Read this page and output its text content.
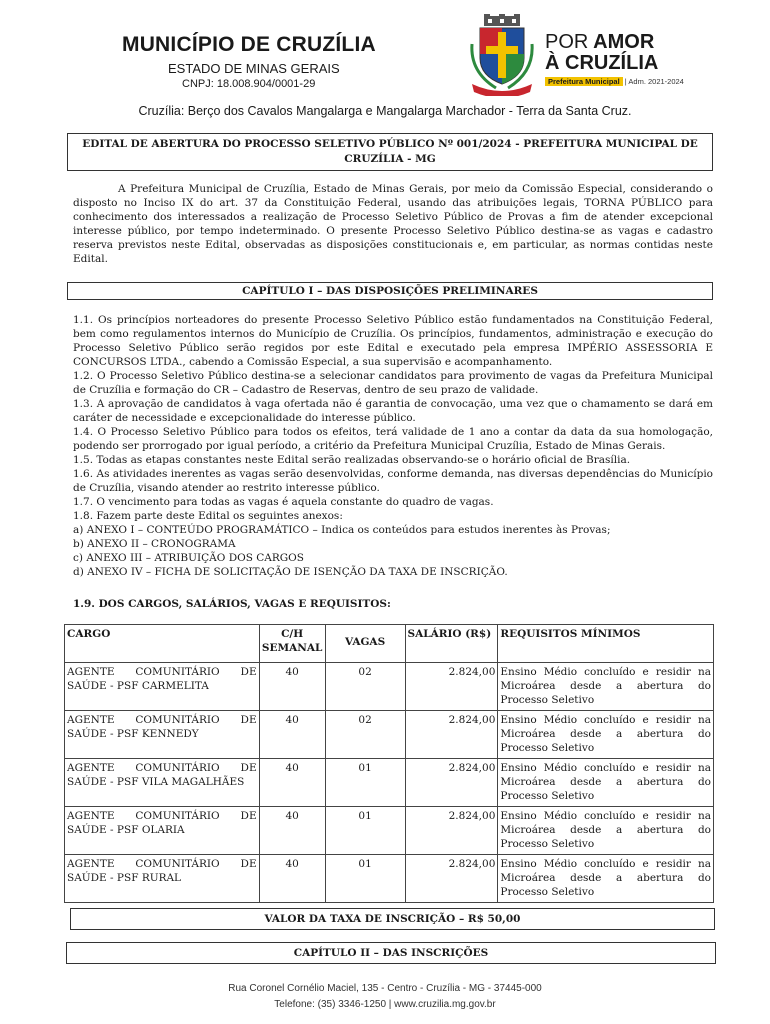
MUNICÍPIO DE CRUZÍLIA
ESTADO DE MINAS GERAIS
CNPJ: 18.008.904/0001-29
POR AMOR
À CRUZÍLIA
Prefeitura Municipal | Adm. 2021-2024
Cruzília: Berço dos Cavalos Mangalarga e Mangalarga Marchador - Terra da Santa Cruz.
EDITAL DE ABERTURA DO PROCESSO SELETIVO PÚBLICO Nº 001/2024 - PREFEITURA MUNICIPAL DE CRUZÍLIA - MG

A Prefeitura Municipal de Cruzília, Estado de Minas Gerais, por meio da Comissão Especial, considerando o disposto no Inciso IX do art. 37 da Constituição Federal, usando das atribuições legais, TORNA PÚBLICO para conhecimento dos interessados a realização de Processo Seletivo Público de Provas a fim de atender excepcional interesse público, por tempo indeterminado. O presente Processo Seletivo Público destina-se as vagas e cadastro reserva previstos neste Edital, observadas as disposições constitucionais e, em particular, as normas contidas neste Edital.

CAPÍTULO I – DAS DISPOSIÇÕES PRELIMINARES

1.1. Os princípios norteadores do presente Processo Seletivo Público estão fundamentados na Constituição Federal, bem como regulamentos internos do Município de Cruzília. Os princípios, fundamentos, administração e execução do Processo Seletivo Público serão regidos por este Edital e executado pela empresa IMPÉRIO ASSESSORIA E CONCURSOS LTDA., cabendo a Comissão Especial, a sua supervisão e acompanhamento.

1.2. O Processo Seletivo Público destina-se a selecionar candidatos para provimento de vagas da Prefeitura Municipal de Cruzília e formação do CR – Cadastro de Reservas, dentro de seu prazo de validade.

1.3. A aprovação de candidatos à vaga ofertada não é garantia de convocação, uma vez que o chamamento se dará em caráter de necessidade e excepcionalidade do interesse público.

1.4. O Processo Seletivo Público para todos os efeitos, terá validade de 1 ano a contar da data da sua homologação, podendo ser prorrogado por igual período, a critério da Prefeitura Municipal Cruzília, Estado de Minas Gerais.

1.5. Todas as etapas constantes neste Edital serão realizadas observando-se o horário oficial de Brasília.

1.6. As atividades inerentes as vagas serão desenvolvidas, conforme demanda, nas diversas dependências do Município de Cruzília, visando atender ao restrito interesse público.

1.7. O vencimento para todas as vagas é aquela constante do quadro de vagas.

1.8. Fazem parte deste Edital os seguintes anexos:

a) ANEXO I – CONTEÚDO PROGRAMÁTICO – Indica os conteúdos para estudos inerentes às Provas;

b) ANEXO II – CRONOGRAMA

c) ANEXO III – ATRIBUIÇÃO DOS CARGOS

d) ANEXO IV – FICHA DE SOLICITAÇÃO DE ISENÇÃO DA TAXA DE INSCRIÇÃO.

1.9. DOS CARGOS, SALÁRIOS, VAGAS E REQUISITOS:
CARGO	C/H SEMANAL	VAGAS	SALÁRIO (R$)	REQUISITOS MÍNIMOS
AGENTE COMUNITÁRIO DE SAÚDE - PSF CARMELITA	40	02	2.824,00	Ensino Médio concluído e residir na Microárea desde a abertura do Processo Seletivo
AGENTE COMUNITÁRIO DE SAÚDE - PSF KENNEDY	40	02	2.824,00	Ensino Médio concluído e residir na Microárea desde a abertura do Processo Seletivo
AGENTE COMUNITÁRIO DE SAÚDE - PSF VILA MAGALHÃES	40	01	2.824,00	Ensino Médio concluído e residir na Microárea desde a abertura do Processo Seletivo
AGENTE COMUNITÁRIO DE SAÚDE - PSF OLARIA	40	01	2.824,00	Ensino Médio concluído e residir na Microárea desde a abertura do Processo Seletivo
AGENTE COMUNITÁRIO DE SAÚDE - PSF RURAL	40	01	2.824,00	Ensino Médio concluído e residir na Microárea desde a abertura do Processo Seletivo
VALOR DA TAXA DE INSCRIÇÃO – R$ 50,00
CAPÍTULO II – DAS INSCRIÇÕES
Rua Coronel Cornélio Maciel, 135 - Centro - Cruzília - MG - 37445-000
Telefone: (35) 3346-1250 | www.cruzilia.mg.gov.br
